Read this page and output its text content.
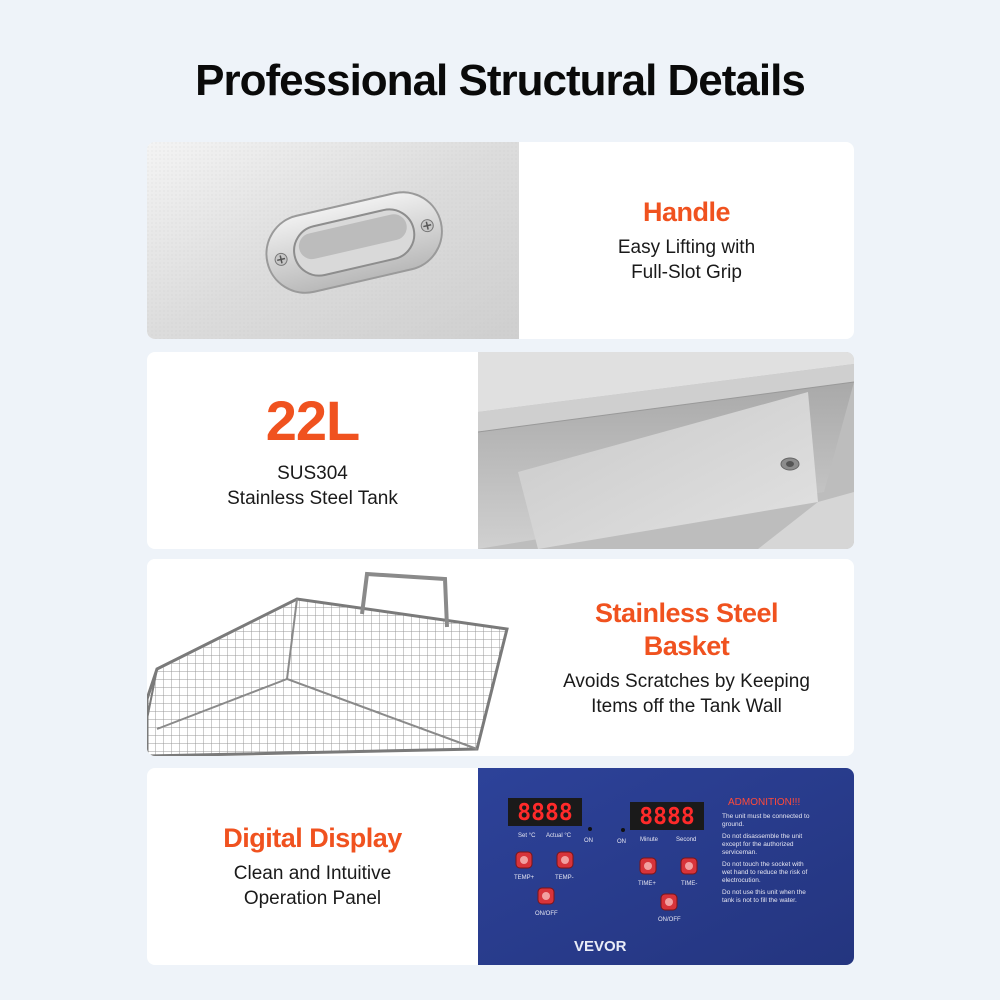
Professional Structural Details
Handle
Easy Lifting with
Full-Slot Grip
22L
SUS304
Stainless Steel Tank
Stainless Steel
Basket
Avoids Scratches by Keeping
Items off the Tank Wall
Digital Display
Clean and Intuitive
Operation Panel
8888
Set °C Actual °C
ON
8888
Minute	Second
ON
TEMP+	TEMP-
ON/OFF
TIME+	TIME-
ON/OFF
VEVOR
ADMONITION!!!
The unit must be connected to
ground.
Do not disassemble the unit
except for the authorized
serviceman.
Do not touch the socket with
wet hand to reduce the risk of
electrocution.
Do not use this unit when the
tank is not to fill the water.
